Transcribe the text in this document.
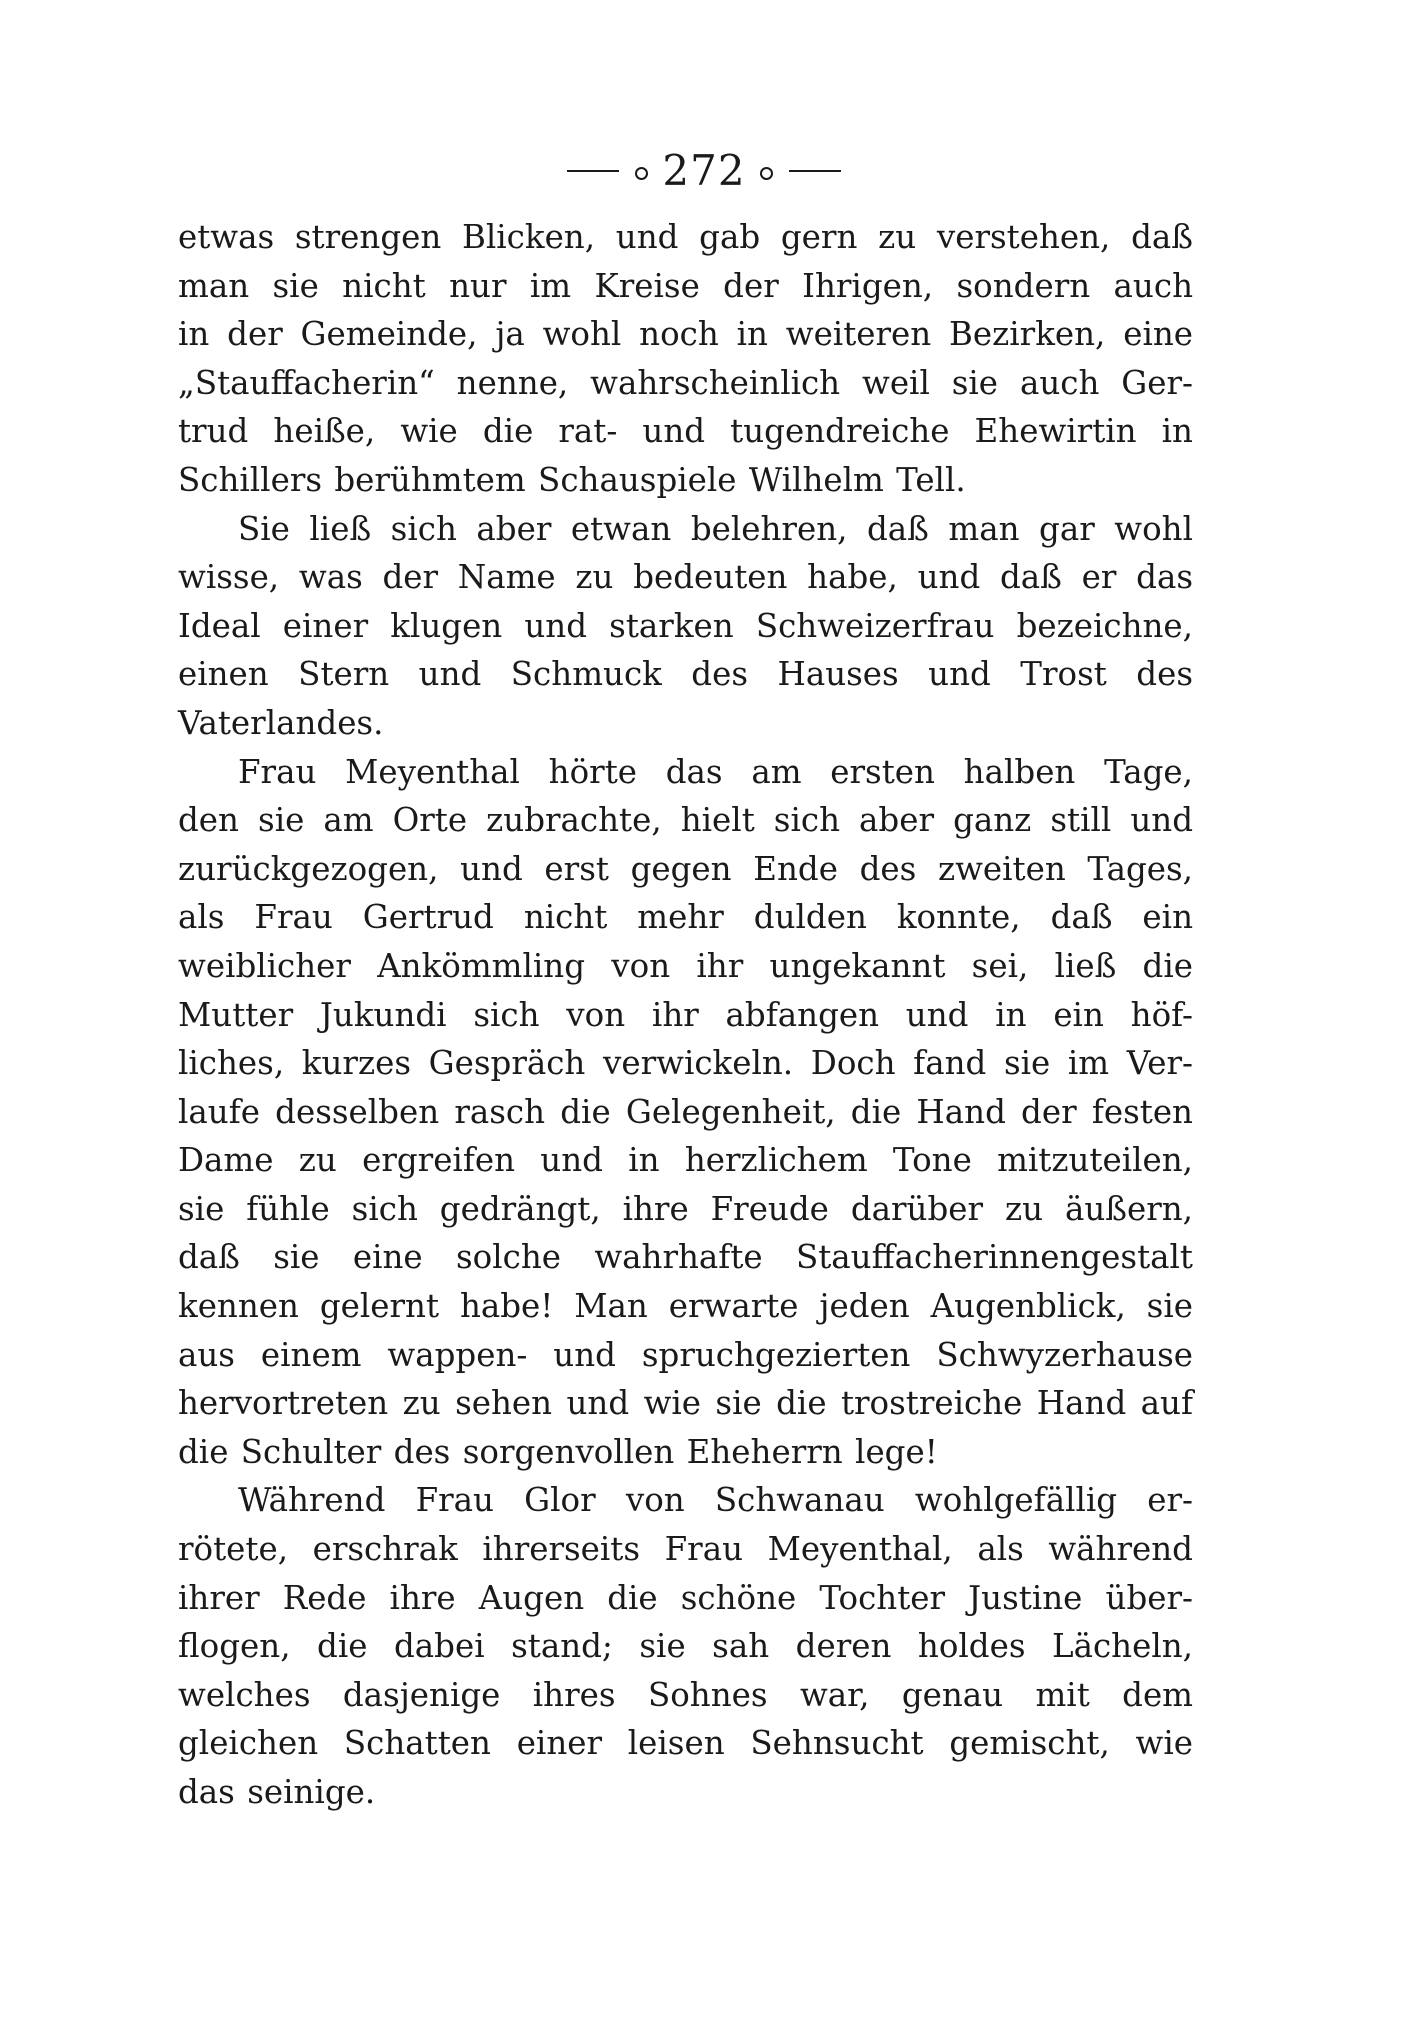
272
etwas strengen Blicken, und gab gern zu verstehen, daß
man sie nicht nur im Kreise der Ihrigen, sondern auch
in der Gemeinde, ja wohl noch in weiteren Bezirken, eine
„Stauffacherin“ nenne, wahrscheinlich weil sie auch Ger-
trud heiße, wie die rat- und tugendreiche Ehewirtin in
Schillers berühmtem Schauspiele Wilhelm Tell.
Sie ließ sich aber etwan belehren, daß man gar wohl
wisse, was der Name zu bedeuten habe, und daß er das
Ideal einer klugen und starken Schweizerfrau bezeichne,
einen Stern und Schmuck des Hauses und Trost des
Vaterlandes.
Frau Meyenthal hörte das am ersten halben Tage,
den sie am Orte zubrachte, hielt sich aber ganz still und
zurückgezogen, und erst gegen Ende des zweiten Tages,
als Frau Gertrud nicht mehr dulden konnte, daß ein
weiblicher Ankömmling von ihr ungekannt sei, ließ die
Mutter Jukundi sich von ihr abfangen und in ein höf-
liches, kurzes Gespräch verwickeln. Doch fand sie im Ver-
laufe desselben rasch die Gelegenheit, die Hand der festen
Dame zu ergreifen und in herzlichem Tone mitzuteilen,
sie fühle sich gedrängt, ihre Freude darüber zu äußern,
daß sie eine solche wahrhafte Stauffacherinnengestalt
kennen gelernt habe! Man erwarte jeden Augenblick, sie
aus einem wappen- und spruchgezierten Schwyzerhause
hervortreten zu sehen und wie sie die trostreiche Hand auf
die Schulter des sorgenvollen Eheherrn lege!
Während Frau Glor von Schwanau wohlgefällig er-
rötete, erschrak ihrerseits Frau Meyenthal, als während
ihrer Rede ihre Augen die schöne Tochter Justine über-
flogen, die dabei stand; sie sah deren holdes Lächeln,
welches dasjenige ihres Sohnes war, genau mit dem
gleichen Schatten einer leisen Sehnsucht gemischt, wie
das seinige.
